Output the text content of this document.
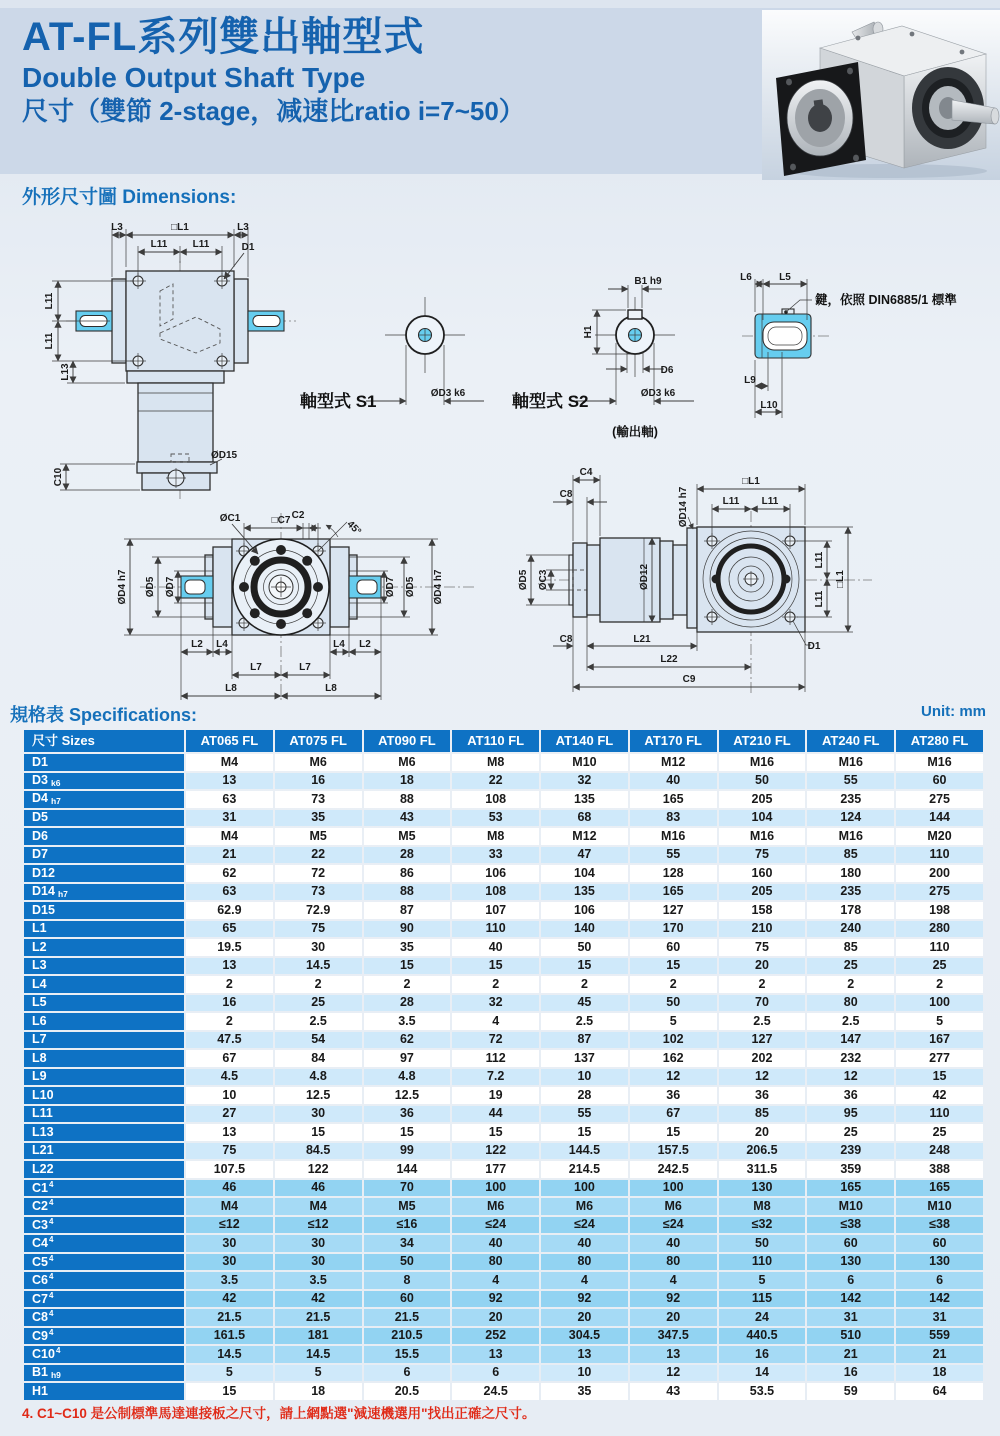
AT-FL系列雙出軸型式
Double Output Shaft Type
尺寸（雙節 2-stage，减速比ratio i=7~50）
外形尺寸圖 Dimensions:
L3	□L1	L3
L11	L11	D1
L11
L11
L13
C10
ØD15
ØD3 k6
軸型式 S1
B1 h9
H1
D6
ØD3 k6
軸型式 S2
(輸出軸)
鍵，依照 DIN6885/1 標準
L6	L5
L9
L10
□C7
ØC1	C2
45°
ØD4 h7 ØD5 ØD7	ØD7 ØD5 ØD4 h7
L2 L4	L4 L2
L7	L7
L8	L8
C4
C8	ØD14 h7
□L1
L11 L11
ØD5 ØC3	ØD12
L11
L11
□L1
C8	L21
L22
C9
D1
規格表 Specifications:	Unit: mm
尺寸 Sizes	AT065 FL	AT075 FL	AT090 FL	AT110 FL	AT140 FL	AT170 FL	AT210 FL	AT240 FL	AT280 FL
D1	M4	M6	M6	M8	M10	M12	M16	M16	M16
D3 k6	13	16	18	22	32	40	50	55	60
D4 h7	63	73	88	108	135	165	205	235	275
D5	31	35	43	53	68	83	104	124	144
D6	M4	M5	M5	M8	M12	M16	M16	M16	M20
D7	21	22	28	33	47	55	75	85	110
D12	62	72	86	106	104	128	160	180	200
D14 h7	63	73	88	108	135	165	205	235	275
D15	62.9	72.9	87	107	106	127	158	178	198
L1	65	75	90	110	140	170	210	240	280
L2	19.5	30	35	40	50	60	75	85	110
L3	13	14.5	15	15	15	15	20	25	25
L4	2	2	2	2	2	2	2	2	2
L5	16	25	28	32	45	50	70	80	100
L6	2	2.5	3.5	4	2.5	5	2.5	2.5	5
L7	47.5	54	62	72	87	102	127	147	167
L8	67	84	97	112	137	162	202	232	277
L9	4.5	4.8	4.8	7.2	10	12	12	12	15
L10	10	12.5	12.5	19	28	36	36	36	42
L11	27	30	36	44	55	67	85	95	110
L13	13	15	15	15	15	15	20	25	25
L21	75	84.5	99	122	144.5	157.5	206.5	239	248
L22	107.5	122	144	177	214.5	242.5	311.5	359	388
$C1^4$	46	46	70	100	100	100	130	165	165
$C2^4$	M4	M4	M5	M6	M6	M6	M8	M10	M10
$C3^4$	≤12	≤12	≤16	≤24	≤24	≤24	≤32	≤38	≤38
$C4^4$	30	30	34	40	40	40	50	60	60
$C5^4$	30	30	50	80	80	80	110	130	130
$C6^4$	3.5	3.5	8	4	4	4	5	6	6
$C7^4$	42	42	60	92	92	92	115	142	142
$C8^4$	21.5	21.5	21.5	20	20	20	24	31	31
$C9^4$	161.5	181	210.5	252	304.5	347.5	440.5	510	559
$C10^4$	14.5	14.5	15.5	13	13	13	16	21	21
B1 h9	5	5	6	6	10	12	14	16	18
H1	15	18	20.5	24.5	35	43	53.5	59	64
4. C1~C10 是公制標準馬達連接板之尺寸，請上網點選"減速機選用"找出正確之尺寸。
